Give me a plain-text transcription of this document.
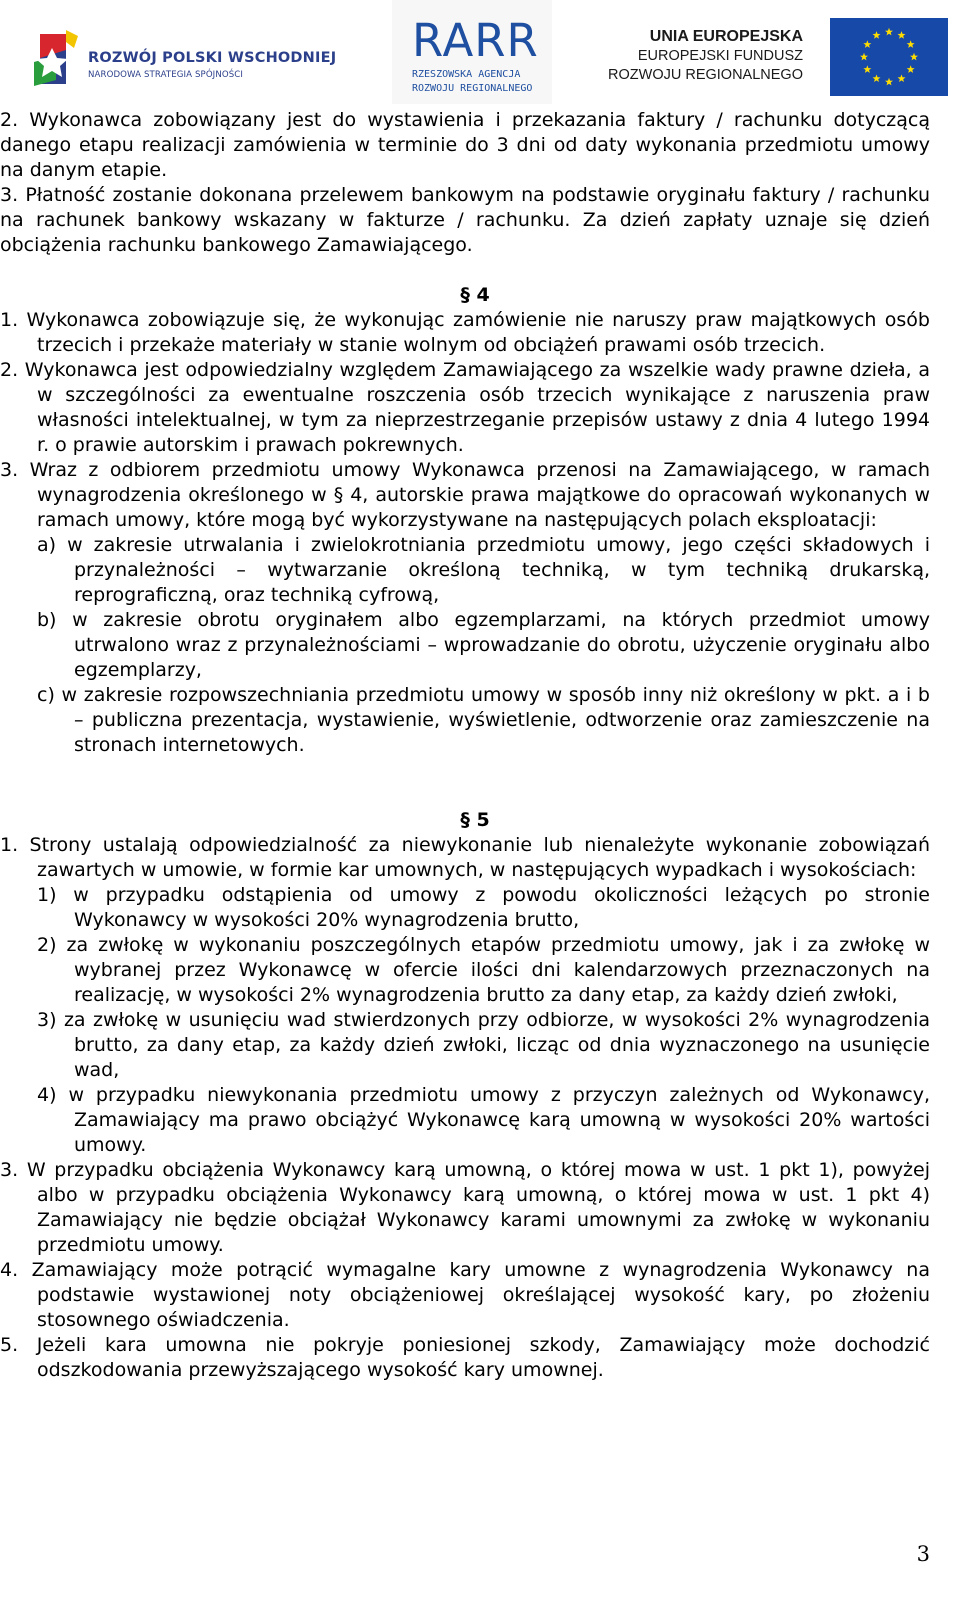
ROZWÓJ POLSKI WSCHODNIEJ
NARODOWA STRATEGIA SPÓJNOŚCI
RARR
RZESZOWSKA AGENCJA
ROZWOJU REGIONALNEGO
UNIA EUROPEJSKA
EUROPEJSKI FUNDUSZ
ROZWOJU REGIONALNEGO
2. Wykonawca zobowiązany jest do wystawienia i przekazania faktury / rachunku dotyczącą danego etapu realizacji zamówienia w terminie do 3 dni od daty wykonania przedmiotu umowy na danym etapie.
3. Płatność zostanie dokonana przelewem bankowym na podstawie oryginału faktury / rachunku na rachunek bankowy wskazany w fakturze / rachunku. Za dzień zapłaty uznaje się dzień obciążenia rachunku bankowego Zamawiającego.
§ 4
1. Wykonawca zobowiązuje się, że wykonując zamówienie nie naruszy praw majątkowych osób trzecich i przekaże materiały w stanie wolnym od obciążeń prawami osób trzecich.
2. Wykonawca jest odpowiedzialny względem Zamawiającego za wszelkie wady prawne dzieła, a w szczególności za ewentualne roszczenia osób trzecich wynikające z naruszenia praw własności intelektualnej, w tym za nieprzestrzeganie przepisów ustawy z dnia 4 lutego 1994 r. o prawie autorskim i prawach pokrewnych.
3. Wraz z odbiorem przedmiotu umowy Wykonawca przenosi na Zamawiającego, w ramach wynagrodzenia określonego w § 4, autorskie prawa majątkowe do opracowań wykonanych w ramach umowy, które mogą być wykorzystywane na następujących polach eksploatacji:
a) w zakresie utrwalania i zwielokrotniania przedmiotu umowy, jego części składowych i przynależności – wytwarzanie określoną techniką, w tym techniką drukarską, reprograficzną, oraz techniką cyfrową,
b) w zakresie obrotu oryginałem albo egzemplarzami, na których przedmiot umowy utrwalono wraz z przynależnościami – wprowadzanie do obrotu, użyczenie oryginału albo egzemplarzy,
c) w zakresie rozpowszechniania przedmiotu umowy w sposób inny niż określony w pkt. a i b – publiczna prezentacja, wystawienie, wyświetlenie, odtworzenie oraz zamieszczenie na stronach internetowych.
§ 5
1. Strony ustalają odpowiedzialność za niewykonanie lub nienależyte wykonanie zobowiązań zawartych w umowie, w formie kar umownych, w następujących wypadkach i wysokościach:
1) w przypadku odstąpienia od umowy z powodu okoliczności leżących po stronie Wykonawcy w wysokości 20% wynagrodzenia brutto,
2) za zwłokę w wykonaniu poszczególnych etapów przedmiotu umowy, jak i za zwłokę w wybranej przez Wykonawcę w ofercie ilości dni kalendarzowych przeznaczonych na realizację, w wysokości 2% wynagrodzenia brutto za dany etap, za każdy dzień zwłoki,
3) za zwłokę w usunięciu wad stwierdzonych przy odbiorze, w wysokości 2% wynagrodzenia brutto, za dany etap, za każdy dzień zwłoki, licząc od dnia wyznaczonego na usunięcie wad,
4) w przypadku niewykonania przedmiotu umowy z przyczyn zależnych od Wykonawcy, Zamawiający ma prawo obciążyć Wykonawcę karą umowną w wysokości 20% wartości umowy.
3. W przypadku obciążenia Wykonawcy karą umowną, o której mowa w ust. 1 pkt 1), powyżej albo w przypadku obciążenia Wykonawcy karą umowną, o której mowa w ust. 1 pkt 4) Zamawiający nie będzie obciążał Wykonawcy karami umownymi za zwłokę w wykonaniu przedmiotu umowy.
4. Zamawiający może potrącić wymagalne kary umowne z wynagrodzenia Wykonawcy na podstawie wystawionej noty obciążeniowej określającej wysokość kary, po złożeniu stosownego oświadczenia.
5. Jeżeli kara umowna nie pokryje poniesionej szkody, Zamawiający może dochodzić odszkodowania przewyższającego wysokość kary umownej.
3
